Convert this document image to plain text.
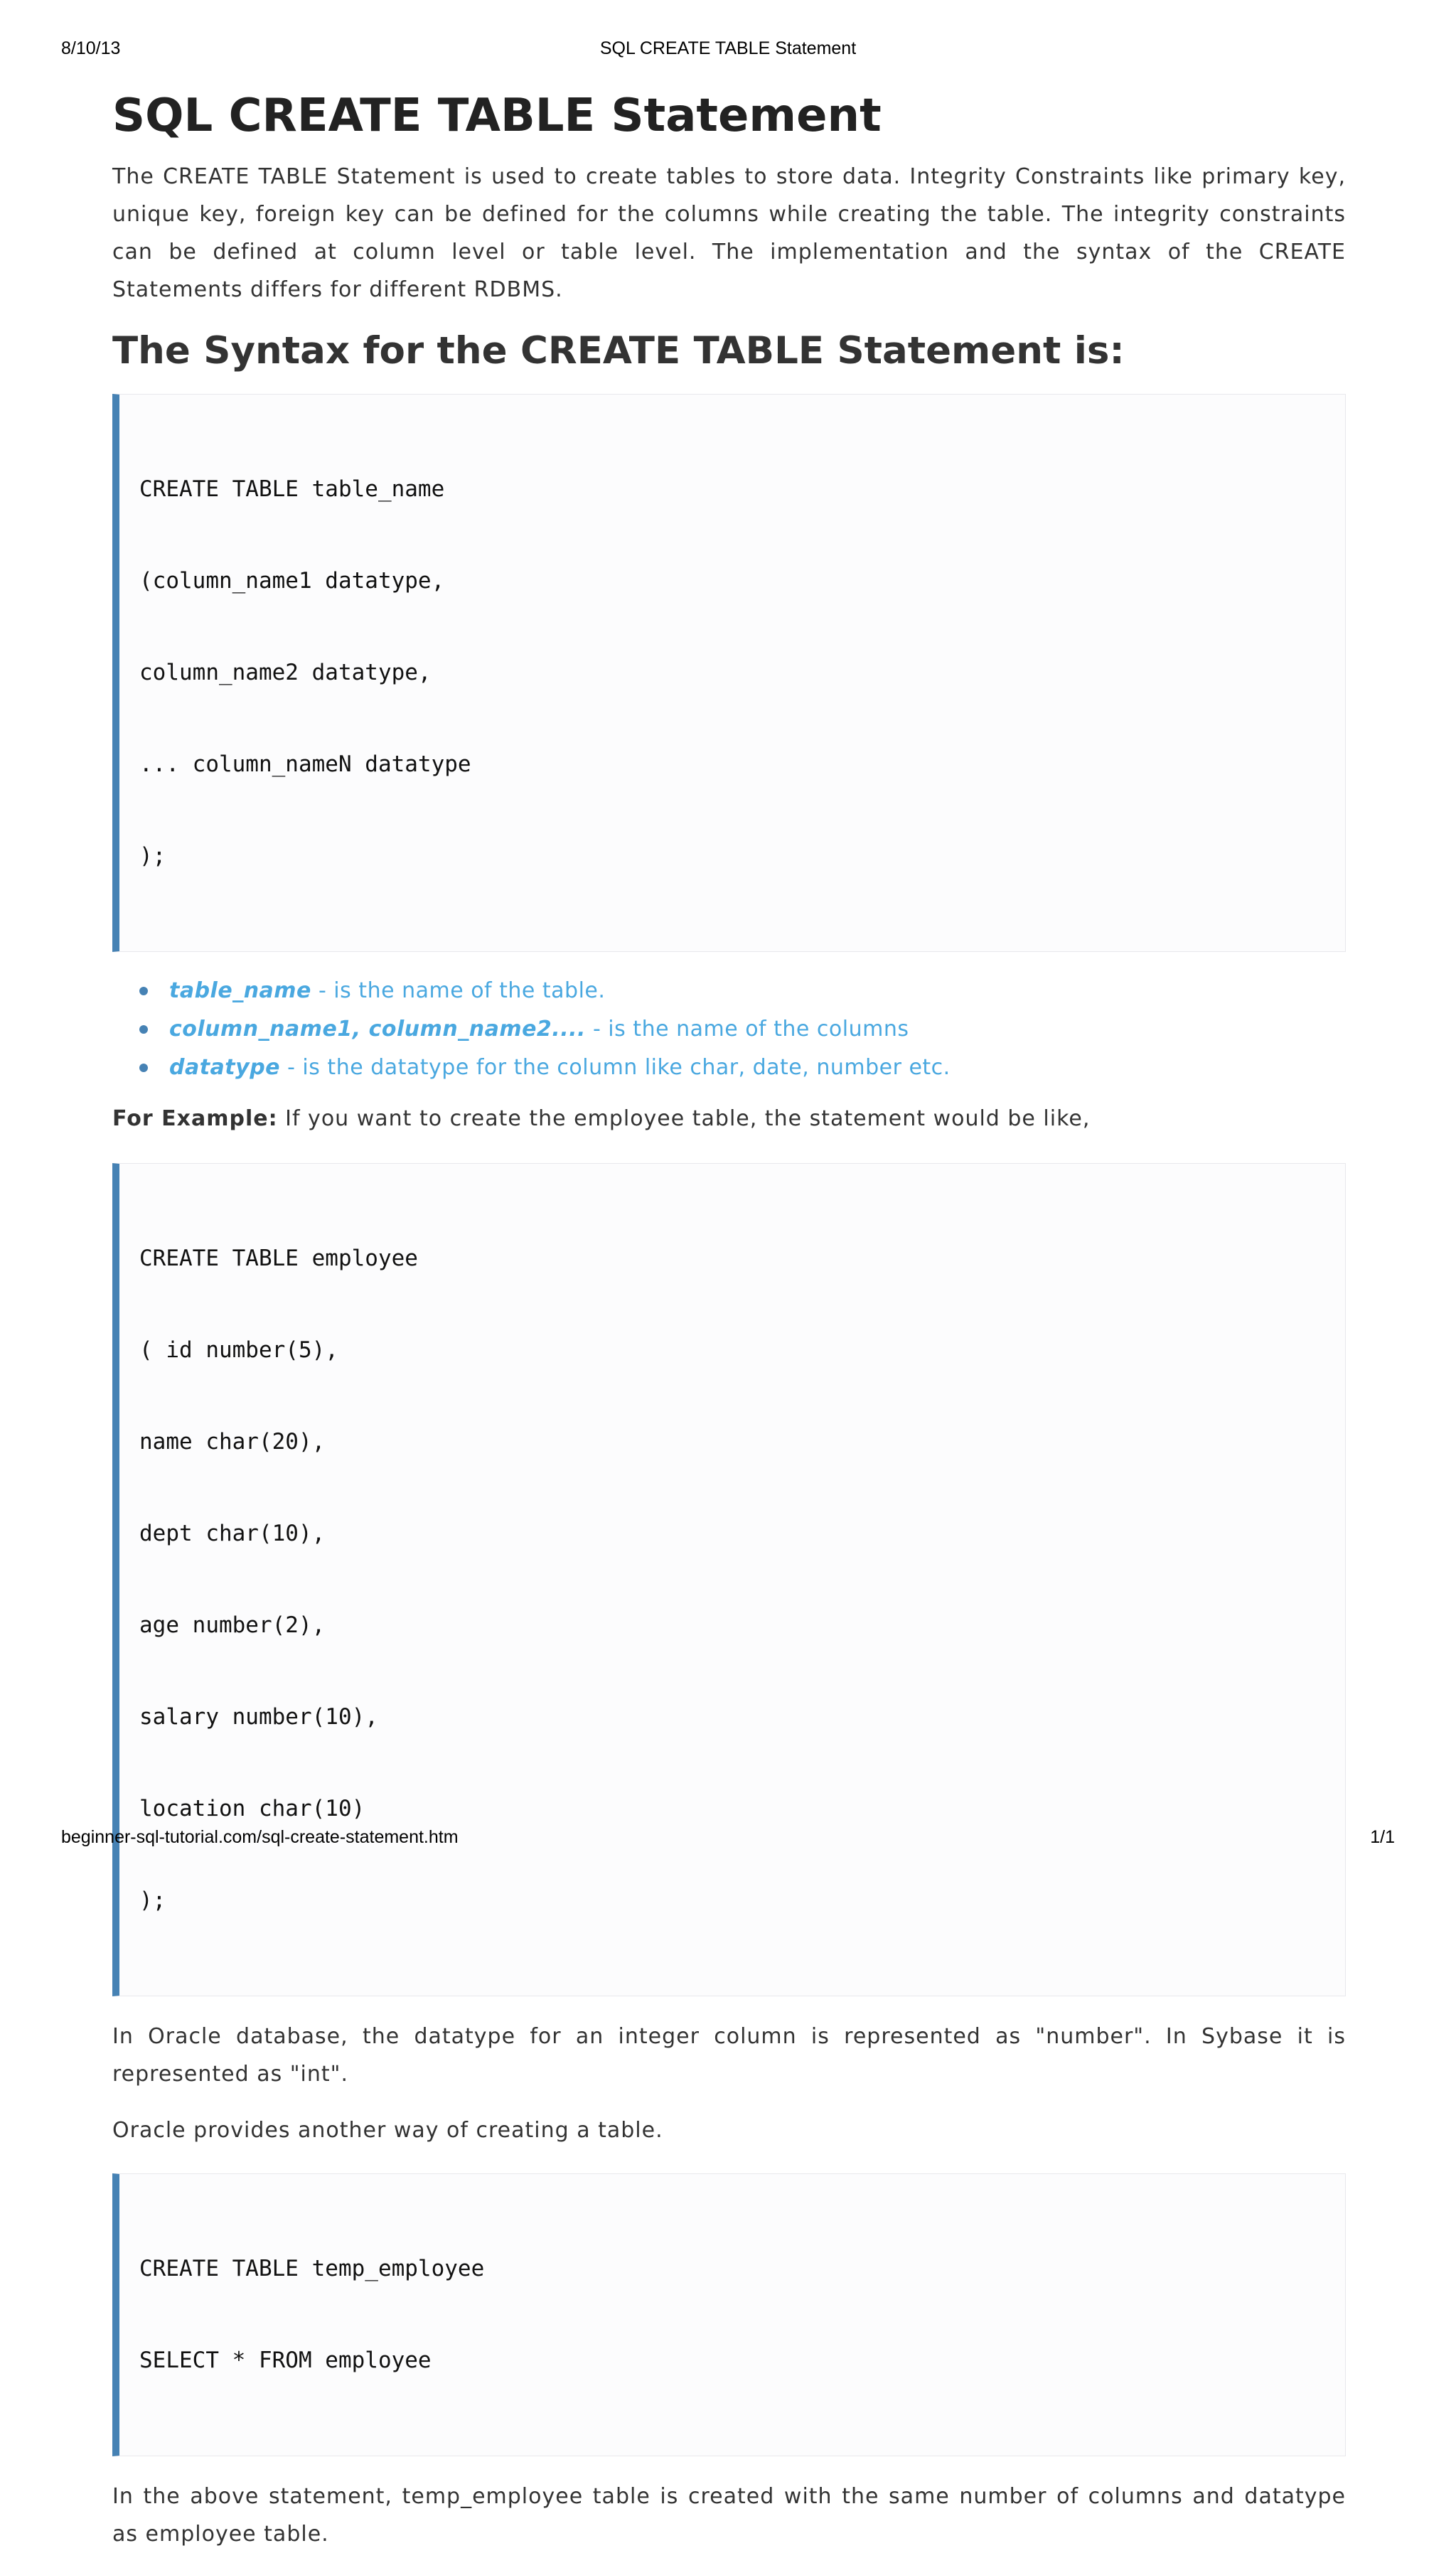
8/10/13	SQL CREATE TABLE Statement
SQL CREATE TABLE Statement

The CREATE TABLE Statement is used to create tables to store data. Integrity Constraints like primary key, unique key, foreign key can be defined for the columns while creating the table. The integrity constraints can be defined at column level or table level. The implementation and the syntax of the CREATE Statements differs for different RDBMS.

The Syntax for the CREATE TABLE Statement is:

CREATE TABLE table_name

(column_name1 datatype,

column_name2 datatype,

... column_nameN datatype

);

table_name - is the name of the table.
column_name1, column_name2.... - is the name of the columns
datatype - is the datatype for the column like char, date, number etc.

For Example: If you want to create the employee table, the statement would be like,

CREATE TABLE employee

( id number(5),

name char(20),

dept char(10),

age number(2),

salary number(10),

location char(10)

);

In Oracle database, the datatype for an integer column is represented as "number". In Sybase it is represented as "int".

Oracle provides another way of creating a table.

CREATE TABLE temp_employee

SELECT * FROM employee

In the above statement, temp_employee table is created with the same number of columns and datatype as employee table.

beginner-sql-tutorial.com/sql-create-statement.htm	1/1
